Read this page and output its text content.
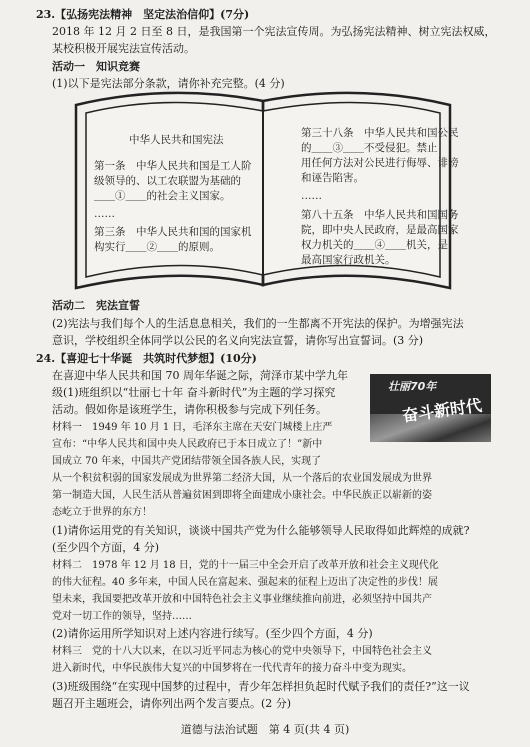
23.【弘扬宪法精神　坚定法治信仰】(7分)
2018 年 12 月 2 日至 8 日，是我国第一个宪法宣传周。为弘扬宪法精神、树立宪法权威，
某校积极开展宪法宣传活动。
活动一　知识竞赛
(1)以下是宪法部分条款，请你补充完整。(4 分)
中华人民共和国宪法
第一条　中华人民共和国是工人阶
级领导的、以工农联盟为基础的
＿＿①＿＿的社会主义国家。
……
第三条　中华人民共和国的国家机
构实行＿＿②＿＿的原则。
第三十八条　中华人民共和国公民
的＿＿③＿＿不受侵犯。禁止
用任何方法对公民进行侮辱、诽谤
和诬告陷害。
……
第八十五条　中华人民共和国国务
院，即中央人民政府，是最高国家
权力机关的＿＿④＿＿机关，是
最高国家行政机关。
活动二　宪法宣誓
(2)宪法与我们每个人的生活息息相关，我们的一生都离不开宪法的保护。为增强宪法
意识，学校组织全体同学以公民的名义向宪法宣誓，请你写出宣誓词。(3 分)
24.【喜迎七十华诞　共筑时代梦想】(10分)
在喜迎中华人民共和国 70 周年华诞之际，菏泽市某中学九年
级(1)班组织以“壮丽七十年 奋斗新时代”为主题的学习探究
活动。假如你是该班学生，请你积极参与完成下列任务。
壮丽70年
奋斗新时代
材料一　1949 年 10 月 1 日，毛泽东主席在天安门城楼上庄严
宣布：“中华人民共和国中央人民政府已于本日成立了！”新中
国成立 70 年来，中国共产党团结带领全国各族人民，实现了
从一个积贫积弱的国家发展成为世界第二经济大国，从一个落后的农业国发展成为世界
第一制造大国，人民生活从普遍贫困到即将全面建成小康社会。中华民族正以崭新的姿
态屹立于世界的东方！
(1)请你运用党的有关知识，谈谈中国共产党为什么能够领导人民取得如此辉煌的成就?
(至少四个方面，4 分)
材料二　1978 年 12 月 18 日，党的十一届三中全会开启了改革开放和社会主义现代化
的伟大征程。40 多年来，中国人民在富起来、强起来的征程上迈出了决定性的步伐！展
望未来，我国要把改革开放和中国特色社会主义事业继续推向前进，必须坚持中国共产
党对一切工作的领导，坚持……
(2)请你运用所学知识对上述内容进行续写。(至少四个方面，4 分)
材料三　党的十八大以来，在以习近平同志为核心的党中央领导下，中国特色社会主义
进入新时代，中华民族伟大复兴的中国梦将在一代代青年的接力奋斗中变为现实。
(3)班级围绕“在实现中国梦的过程中，青少年怎样担负起时代赋予我们的责任?”这一议
题召开主题班会，请你列出两个发言要点。(2 分)
道德与法治试题　第 4 页(共 4 页)
